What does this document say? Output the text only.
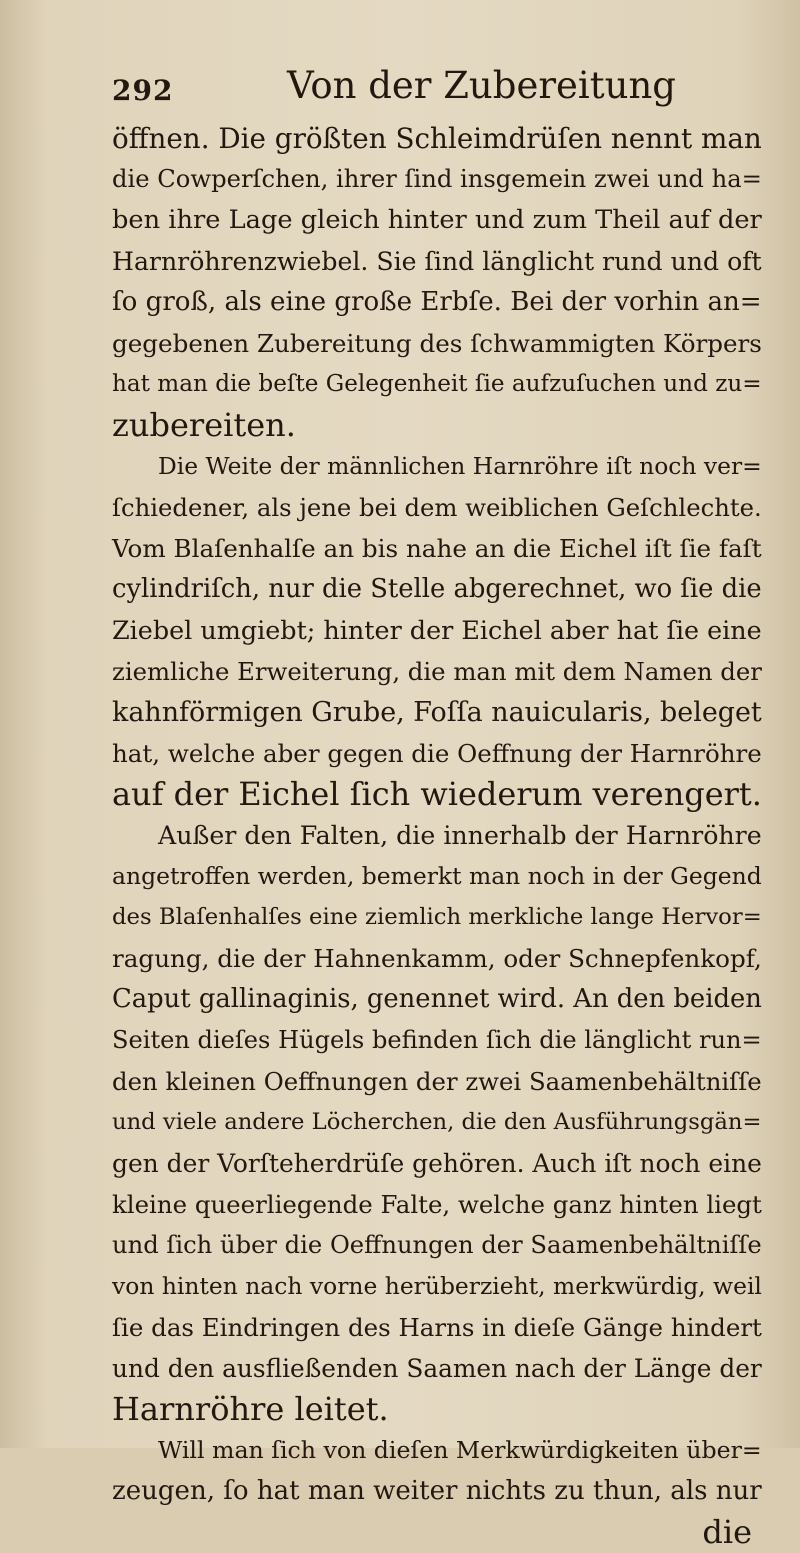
292	Von der Zubereitung
öffnen. Die größten Schleimdrüſen nennt man
die Cowperſchen, ihrer ſind insgemein zwei und ha=
ben ihre Lage gleich hinter und zum Theil auf der
Harnröhrenzwiebel. Sie ſind länglicht rund und oft
ſo groß, als eine große Erbſe. Bei der vorhin an=
gegebenen Zubereitung des ſchwammigten Körpers
hat man die beſte Gelegenheit ſie aufzuſuchen und zu=
zubereiten.
Die Weite der männlichen Harnröhre iſt noch ver=
ſchiedener, als jene bei dem weiblichen Geſchlechte.
Vom Blaſenhalſe an bis nahe an die Eichel iſt ſie faſt
cylindriſch, nur die Stelle abgerechnet, wo ſie die
Ziebel umgiebt; hinter der Eichel aber hat ſie eine
ziemliche Erweiterung, die man mit dem Namen der
kahnförmigen Grube, Foſſa nauicularis, beleget
hat, welche aber gegen die Oeffnung der Harnröhre
auf der Eichel ſich wiederum verengert.
Außer den Falten, die innerhalb der Harnröhre
angetroffen werden, bemerkt man noch in der Gegend
des Blaſenhalſes eine ziemlich merkliche lange Hervor=
ragung, die der Hahnenkamm, oder Schnepfenkopf,
Caput gallinaginis, genennet wird. An den beiden
Seiten dieſes Hügels befinden ſich die länglicht run=
den kleinen Oeffnungen der zwei Saamenbehältniſſe
und viele andere Löcherchen, die den Ausführungsgän=
gen der Vorſteherdrüſe gehören. Auch iſt noch eine
kleine queerliegende Falte, welche ganz hinten liegt
und ſich über die Oeffnungen der Saamenbehältniſſe
von hinten nach vorne herüberzieht, merkwürdig, weil
ſie das Eindringen des Harns in dieſe Gänge hindert
und den ausfließenden Saamen nach der Länge der
Harnröhre leitet.
Will man ſich von dieſen Merkwürdigkeiten über=
zeugen, ſo hat man weiter nichts zu thun, als nur
die
